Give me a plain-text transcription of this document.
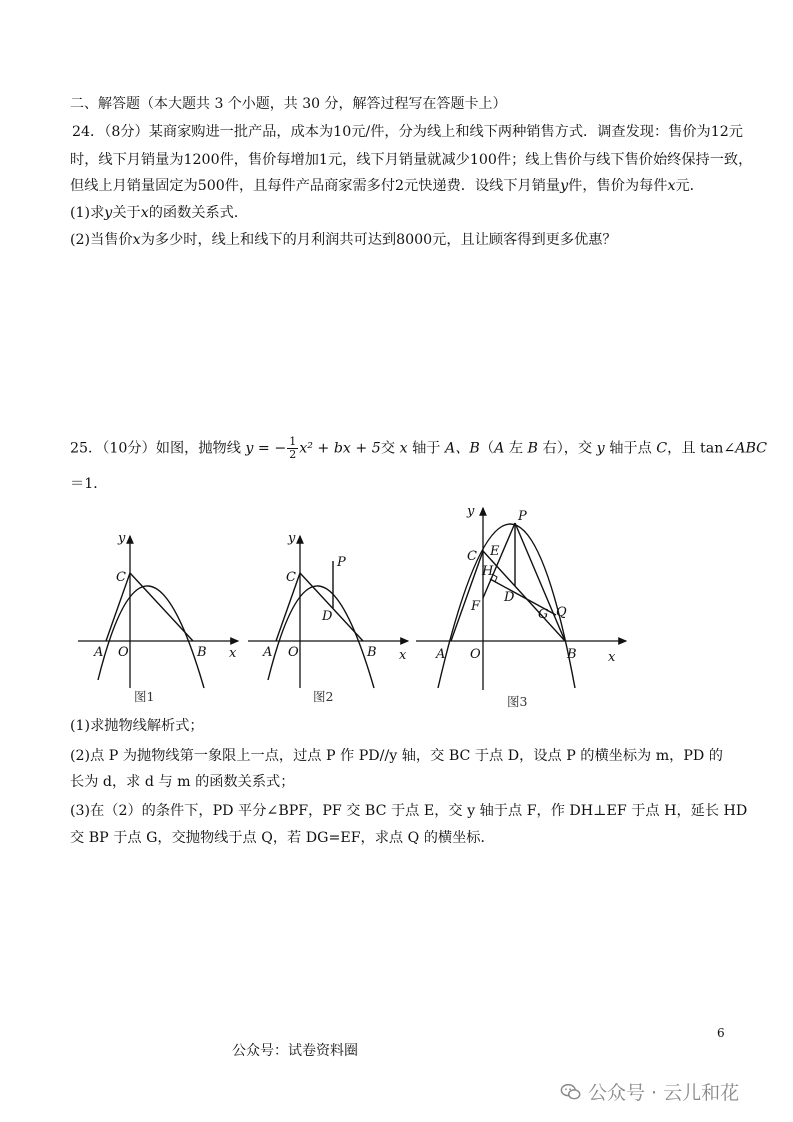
二、解答题（本大题共 3 个小题，共 30 分，解答过程写在答题卡上）
24．（8分）某商家购进一批产品，成本为10元/件，分为线上和线下两种销售方式．调查发现：售价为12元
时，线下月销量为1200件，售价每增加1元，线下月销量就减少100件；线上售价与线下售价始终保持一致，
但线上月销量固定为500件，且每件产品商家需多付2元快递费．设线下月销量y件，售价为每件x元．
(1)求y关于x的函数关系式．
(2)当售价x为多少时，线上和线下的月利润共可达到8000元，且让顾客得到更多优惠？
25．（10分）如图，抛物线 y = − $\frac{1}{2} x^2$ + bx + 5交 x 轴于 A、B（A 左 B 右），交 y 轴于点 C，且 tan∠ABC
＝1．
y
x
C
A O	B
图1
y
x
C
P
D
A O	B
图2
y
x
C
P
E
H
F
D
G Q
A O	B
图3
(1)求抛物线解析式；
(2)点 P 为抛物线第一象限上一点，过点 P 作 PD//y 轴，交 BC 于点 D，设点 P 的横坐标为 m，PD 的
长为 d，求 d 与 m 的函数关系式；
(3)在（2）的条件下，PD 平分∠BPF，PF 交 BC 于点 E，交 y 轴于点 F，作 DH⊥EF 于点 H，延长 HD
交 BP 于点 G，交抛物线于点 Q，若 DG=EF，求点 Q 的横坐标．
6
公众号：试卷资料圈
公众号 · 云儿和花
